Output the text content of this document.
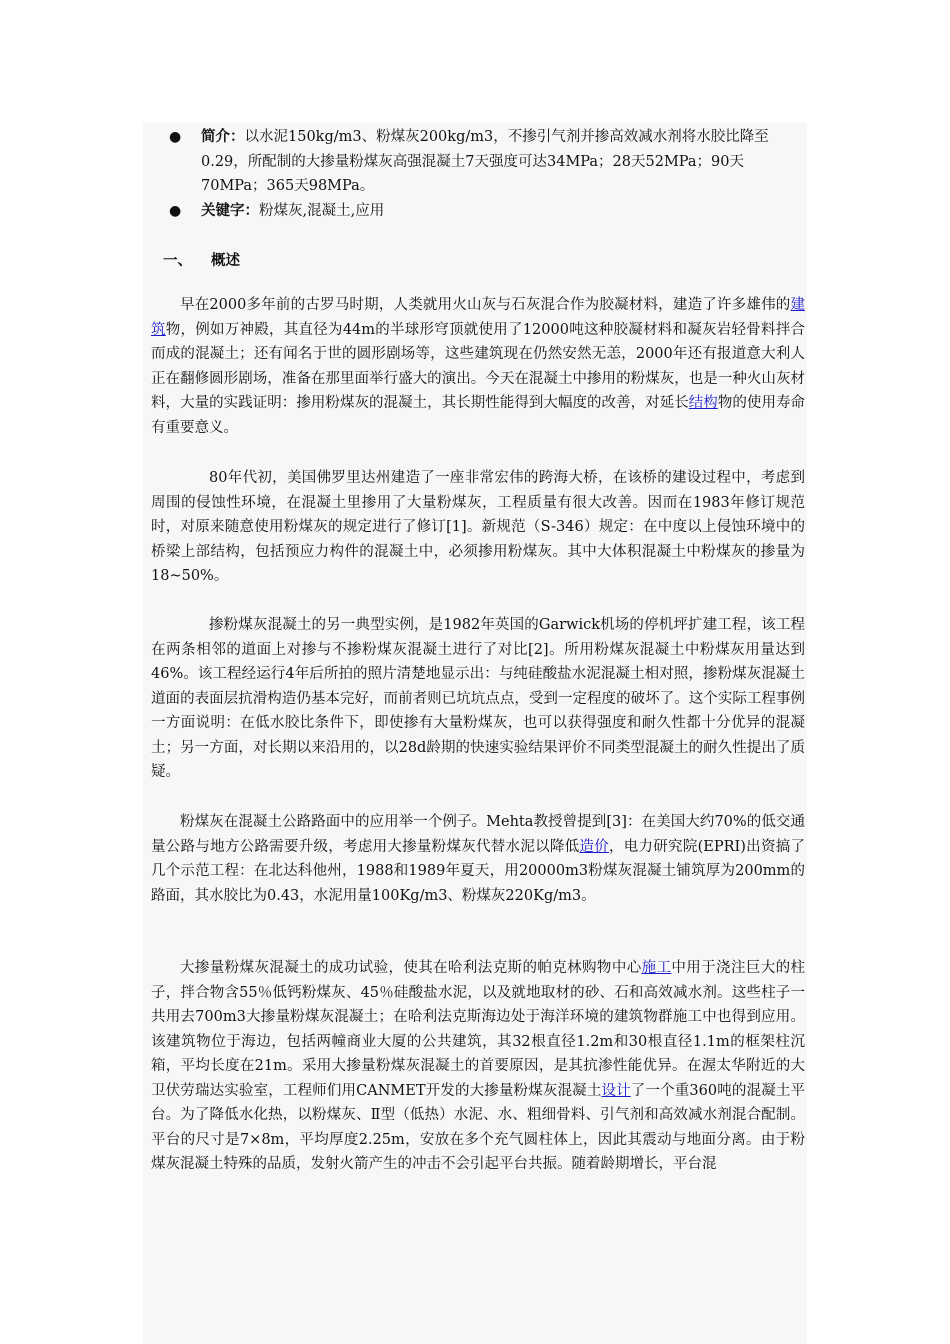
● 简介：以水泥150kg/m3、粉煤灰200kg/m3，不掺引气剂并掺高效减水剂将水胶比降至0.29，所配制的大掺量粉煤灰高强混凝土7天强度可达34MPa；28天52MPa；90天70MPa；365天98MPa。
● 关键字：粉煤灰,混凝土,应用
一、 概述

早在2000多年前的古罗马时期，人类就用火山灰与石灰混合作为胶凝材料，建造了许多雄伟的建筑物，例如万神殿，其直径为44m的半球形穹顶就使用了12000吨这种胶凝材料和凝灰岩轻骨料拌合而成的混凝土；还有闻名于世的圆形剧场等，这些建筑现在仍然安然无恙，2000年还有报道意大利人正在翻修圆形剧场，准备在那里面举行盛大的演出。今天在混凝土中掺用的粉煤灰，也是一种火山灰材料，大量的实践证明：掺用粉煤灰的混凝土，其长期性能得到大幅度的改善，对延长结构物的使用寿命有重要意义。

80年代初，美国佛罗里达州建造了一座非常宏伟的跨海大桥，在该桥的建设过程中，考虑到周围的侵蚀性环境，在混凝土里掺用了大量粉煤灰，工程质量有很大改善。因而在1983年修订规范时，对原来随意使用粉煤灰的规定进行了修订[1]。新规范（S-346）规定：在中度以上侵蚀环境中的桥梁上部结构，包括预应力构件的混凝土中，必须掺用粉煤灰。其中大体积混凝土中粉煤灰的掺量为18~50%。

掺粉煤灰混凝土的另一典型实例，是1982年英国的Garwick机场的停机坪扩建工程，该工程在两条相邻的道面上对掺与不掺粉煤灰混凝土进行了对比[2]。所用粉煤灰混凝土中粉煤灰用量达到46%。该工程经运行4年后所拍的照片清楚地显示出：与纯硅酸盐水泥混凝土相对照，掺粉煤灰混凝土道面的表面层抗滑构造仍基本完好，而前者则已坑坑点点，受到一定程度的破坏了。这个实际工程事例一方面说明：在低水胶比条件下，即使掺有大量粉煤灰，也可以获得强度和耐久性都十分优异的混凝土；另一方面，对长期以来沿用的，以28d龄期的快速实验结果评价不同类型混凝土的耐久性提出了质疑。

粉煤灰在混凝土公路路面中的应用举一个例子。Mehta教授曾提到[3]：在美国大约70%的低交通量公路与地方公路需要升级，考虑用大掺量粉煤灰代替水泥以降低造价，电力研究院(EPRI)出资搞了几个示范工程：在北达科他州，1988和1989年夏天，用20000m3粉煤灰混凝土铺筑厚为200mm的路面，其水胶比为0.43，水泥用量100Kg/m3、粉煤灰220Kg/m3。

大掺量粉煤灰混凝土的成功试验，使其在哈利法克斯的帕克林购物中心施工中用于浇注巨大的柱子，拌合物含55％低钙粉煤灰、45％硅酸盐水泥，以及就地取材的砂、石和高效减水剂。这些柱子一共用去700m3大掺量粉煤灰混凝土；在哈利法克斯海边处于海洋环境的建筑物群施工中也得到应用。该建筑物位于海边，包括两幢商业大厦的公共建筑，其32根直径1.2m和30根直径1.1m的框架柱沉箱，平均长度在21m。采用大掺量粉煤灰混凝土的首要原因，是其抗渗性能优异。在渥太华附近的大卫伏劳瑞达实验室，工程师们用CANMET开发的大掺量粉煤灰混凝土设计了一个重360吨的混凝土平台。为了降低水化热，以粉煤灰、Ⅱ型（低热）水泥、水、粗细骨料、引气剂和高效减水剂混合配制。平台的尺寸是7×8m，平均厚度2.25m，安放在多个充气圆柱体上，因此其震动与地面分离。由于粉煤灰混凝土特殊的品质，发射火箭产生的冲击不会引起平台共振。随着龄期增长，平台混
